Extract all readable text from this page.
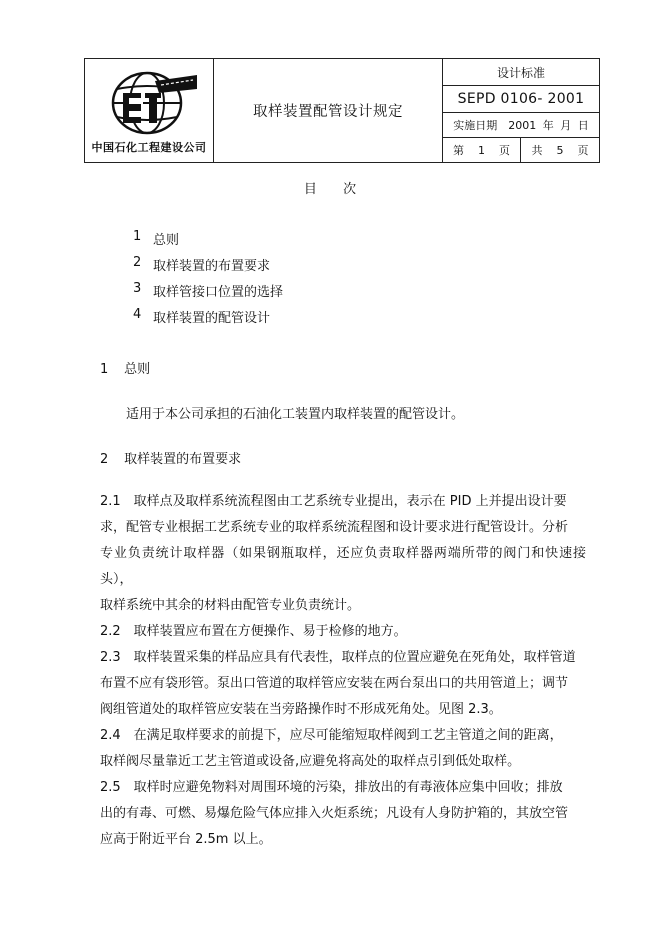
中国石化工程建设公司
	取样装置配管设计规定	设计标准
SEPD 0106- 2001
实施日期　2001 年 月 日

第 1 页 共 5 页
目 次
1 总则
2 取样装置的布置要求
3 取样管接口位置的选择
4 取样装置的配管设计
1 总则
适用于本公司承担的石油化工装置内取样装置的配管设计。
2 取样装置的布置要求

2.1　取样点及取样系统流程图由工艺系统专业提出，表示在 PID 上并提出设计要

求，配管专业根据工艺系统专业的取样系统流程图和设计要求进行配管设计。分析

专业负责统计取样器（如果钢瓶取样，还应负责取样器两端所带的阀门和快速接头），

取样系统中其余的材料由配管专业负责统计。

2.2　取样装置应布置在方便操作、易于检修的地方。

2.3　取样装置采集的样品应具有代表性，取样点的位置应避免在死角处，取样管道

布置不应有袋形管。泵出口管道的取样管应安装在两台泵出口的共用管道上；调节

阀组管道处的取样管应安装在当旁路操作时不形成死角处。见图 2.3。

2.4　在满足取样要求的前提下，应尽可能缩短取样阀到工艺主管道之间的距离，

取样阀尽量靠近工艺主管道或设备,应避免将高处的取样点引到低处取样。

2.5　取样时应避免物料对周围环境的污染，排放出的有毒液体应集中回收；排放

出的有毒、可燃、易爆危险气体应排入火炬系统；凡设有人身防护箱的，其放空管

应高于附近平台 2.5m 以上。
